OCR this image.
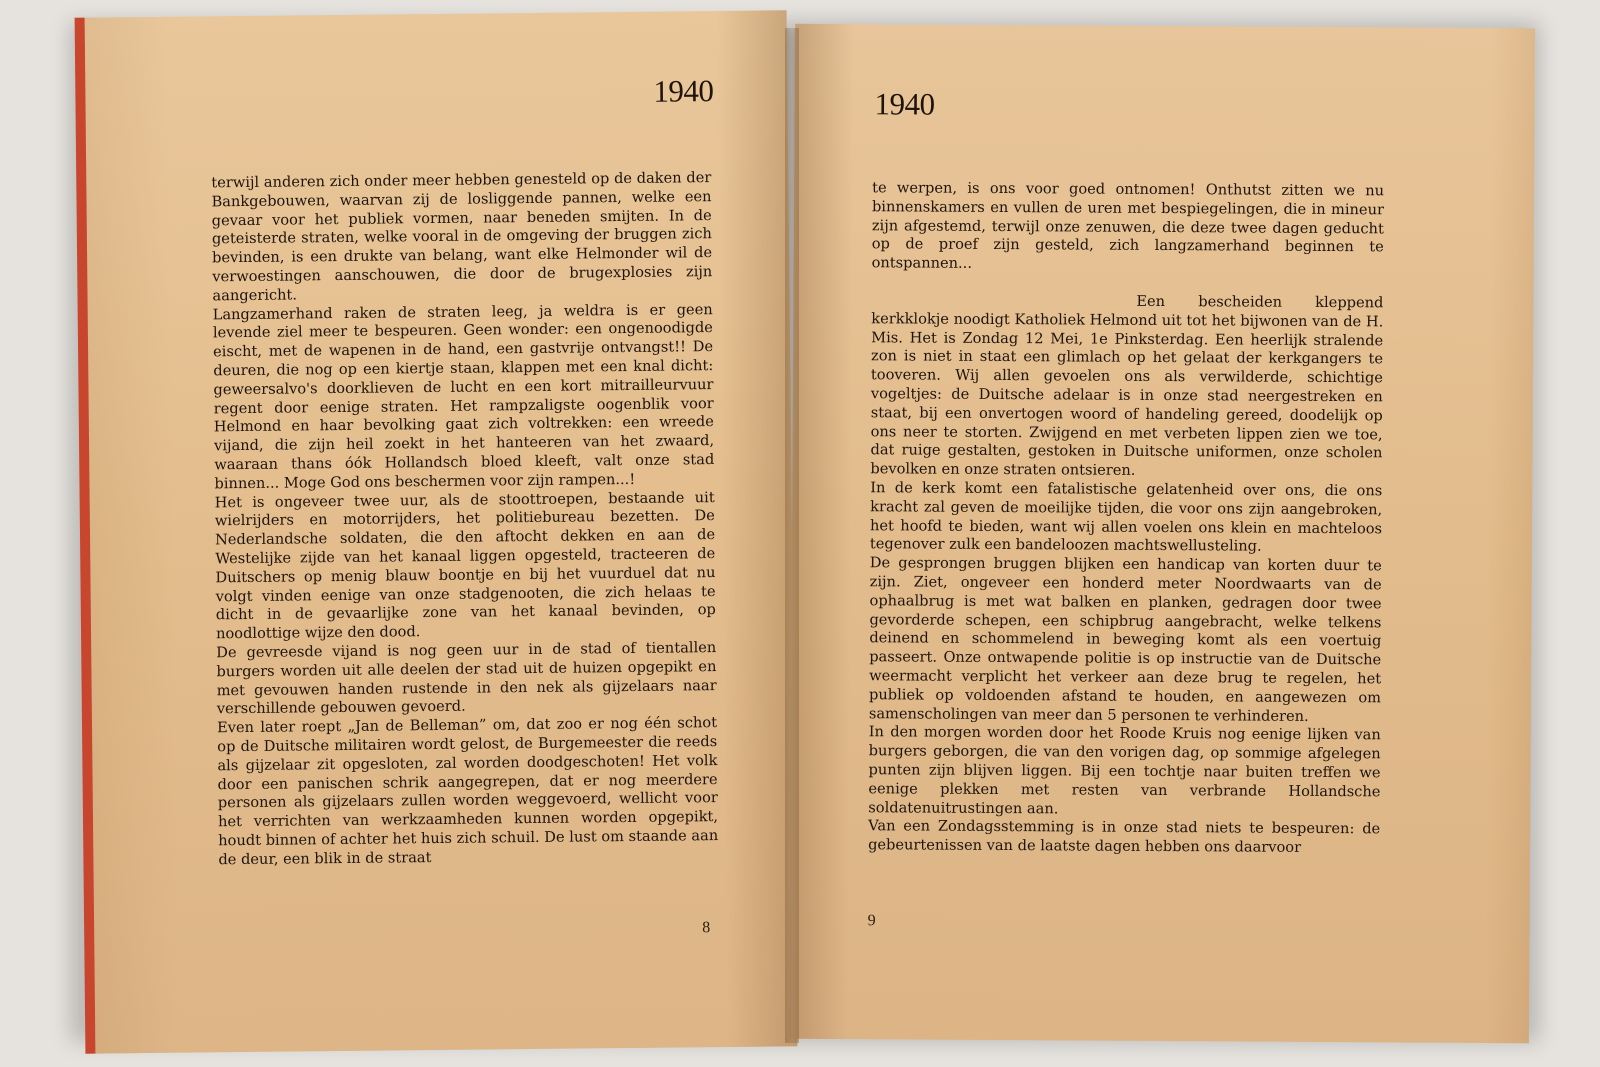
1940

terwijl anderen zich onder meer hebben genesteld op de daken der Bankgebouwen, waarvan zij de losliggende pannen, welke een gevaar voor het publiek vormen, naar beneden smijten. In de geteisterde straten, welke vooral in de omgeving der bruggen zich bevinden, is een drukte van belang, want elke Helmonder wil de verwoestingen aanschouwen, die door de brugexplosies zijn aangericht.

Langzamerhand raken de straten leeg, ja weldra is er geen levende ziel meer te bespeuren. Geen wonder: een ongenoodigde eischt, met de wapenen in de hand, een gastvrije ontvangst!! De deuren, die nog op een kiertje staan, klappen met een knal dicht: geweersalvo's doorklieven de lucht en een kort mitrailleurvuur regent door eenige straten. Het rampzaligste oogenblik voor Helmond en haar bevolking gaat zich voltrekken: een wreede vijand, die zijn heil zoekt in het hanteeren van het zwaard, waaraan thans óók Hollandsch bloed kleeft, valt onze stad binnen... Moge God ons beschermen voor zijn rampen...!

Het is ongeveer twee uur, als de stoottroepen, bestaande uit wielrijders en motorrijders, het politiebureau bezetten. De Nederlandsche soldaten, die den aftocht dekken en aan de Westelijke zijde van het kanaal liggen opgesteld, tracteeren de Duitschers op menig blauw boontje en bij het vuurduel dat nu volgt vinden eenige van onze stadgenooten, die zich helaas te dicht in de gevaarlijke zone van het kanaal bevinden, op noodlottige wijze den dood.

De gevreesde vijand is nog geen uur in de stad of tientallen burgers worden uit alle deelen der stad uit de huizen opgepikt en met gevouwen handen rustende in den nek als gijzelaars naar verschillende gebouwen gevoerd.

Even later roept „Jan de Belleman” om, dat zoo er nog één schot op de Duitsche militairen wordt gelost, de Burgemeester die reeds als gijzelaar zit opgesloten, zal worden doodgeschoten! Het volk door een panischen schrik aangegrepen, dat er nog meerdere personen als gijzelaars zullen worden weggevoerd, wellicht voor het verrichten van werkzaamheden kunnen worden opgepikt, houdt binnen of achter het huis zich schuil. De lust om staande aan de deur, een blik in de straat

8
1940

te werpen, is ons voor goed ontnomen! Onthutst zitten we nu binnenskamers en vullen de uren met bespiegelingen, die in mineur zijn afgestemd, terwijl onze zenuwen, die deze twee dagen geducht op de proef zijn gesteld, zich langzamerhand beginnen te ontspannen...

Een bescheiden kleppend kerkklokje noodigt Katholiek Helmond uit tot het bijwonen van de H. Mis. Het is Zondag 12 Mei, 1e Pinksterdag. Een heerlijk stralende zon is niet in staat een glimlach op het gelaat der kerkgangers te tooveren. Wij allen gevoelen ons als verwilderde, schichtige vogeltjes: de Duitsche adelaar is in onze stad neergestreken en staat, bij een onvertogen woord of handeling gereed, doodelijk op ons neer te storten. Zwijgend en met verbeten lippen zien we toe, dat ruige gestalten, gestoken in Duitsche uniformen, onze scholen bevolken en onze straten ontsieren.

In de kerk komt een fatalistische gelatenheid over ons, die ons kracht zal geven de moeilijke tijden, die voor ons zijn aangebroken, het hoofd te bieden, want wij allen voelen ons klein en machteloos tegenover zulk een bandeloozen machtswellusteling.

De gesprongen bruggen blijken een handicap van korten duur te zijn. Ziet, ongeveer een honderd meter Noordwaarts van de ophaalbrug is met wat balken en planken, gedragen door twee gevorderde schepen, een schipbrug aangebracht, welke telkens deinend en schommelend in beweging komt als een voertuig passeert. Onze ontwapende politie is op instructie van de Duitsche weermacht verplicht het verkeer aan deze brug te regelen, het publiek op voldoenden afstand te houden, en aangewezen om samenscholingen van meer dan 5 personen te verhinderen.

In den morgen worden door het Roode Kruis nog eenige lijken van burgers geborgen, die van den vorigen dag, op sommige afgelegen punten zijn blijven liggen. Bij een tochtje naar buiten treffen we eenige plekken met resten van verbrande Hollandsche soldatenuitrustingen aan.

Van een Zondagsstemming is in onze stad niets te bespeuren: de gebeurtenissen van de laatste dagen hebben ons daarvoor

9
